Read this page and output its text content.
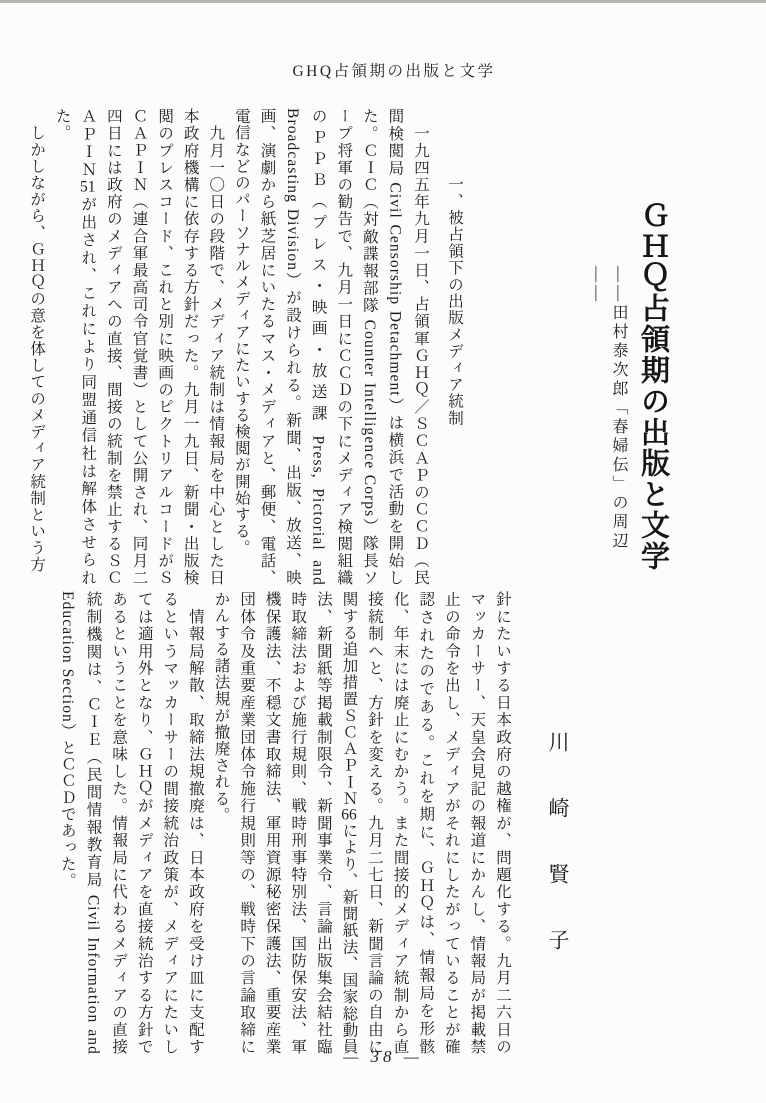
GHQ占領期の出版と文学
ＧＨＱ占領期の出版と文学
——田村泰次郎「春婦伝」の周辺——
一、被占領下の出版メディア統制

　一九四五年九月一日、占領軍ＧＨＱ／ＳＣＡＰのＣＣＤ（民間検閲局 Civil Censorship Detachment）は横浜で活動を開始した。ＣＩＣ（対敵諜報部隊 Counter Intelligence Corps）隊長ソープ将軍の勧告で、九月一日にＣＣＤの下にメディア検閲組織のＰＰＢ（プレス・映画・放送課 Press, Pictorial and Broadcasting Division）が設けられる。新聞、出版、放送、映画、演劇から紙芝居にいたるマス・メディアと、郵便、電話、電信などのパーソナルメディアにたいする検閲が開始する。

　九月一〇日の段階で、メディア統制は情報局を中心とした日本政府機構に依存する方針だった。九月一九日、新聞・出版検閲のプレスコード、これと別に映画のピクトリアルコードがＳＣＡＰＩＮ（連合軍最高司令官覚書）として公開され、同月二四日には政府のメディアへの直接、間接の統制を禁止するＳＣＡＰＩＮ51が出され、これにより同盟通信社は解体させられた。

　しかしながら、ＧＨＱの意を体してのメディア統制という方

川崎賢子

針にたいする日本政府の越権が、問題化する。九月二六日のマッカーサー、天皇会見記の報道にかんし、情報局が掲載禁止の命令を出し、メディアがそれにしたがっていることが確認されたのである。これを期に、ＧＨＱは、情報局を形骸化、年末には廃止にむかう。また間接的メディア統制から直接統制へと、方針を変える。九月二七日、新聞言論の自由に関する追加措置ＳＣＡＰＩＮ66により、新聞紙法、国家総動員法、新聞紙等掲載制限令、新聞事業令、言論出版集会結社臨時取締法および施行規則、戦時刑事特別法、国防保安法、軍機保護法、不穏文書取締法、軍用資源秘密保護法、重要産業団体令及重要産業団体令施行規則等の、戦時下の言論取締にかんする諸法規が撤廃される。

　情報局解散、取締法規撤廃は、日本政府を受け皿に支配するというマッカーサーの間接統治政策が、メディアにたいしては適用外となり、ＧＨＱがメディアを直接統治する方針であるということを意味した。情報局に代わるメディアの直接統制機関は、ＣＩＥ（民間情報教育局 Civil Information and Education Section）とＣＣＤであった。

— 38 —
